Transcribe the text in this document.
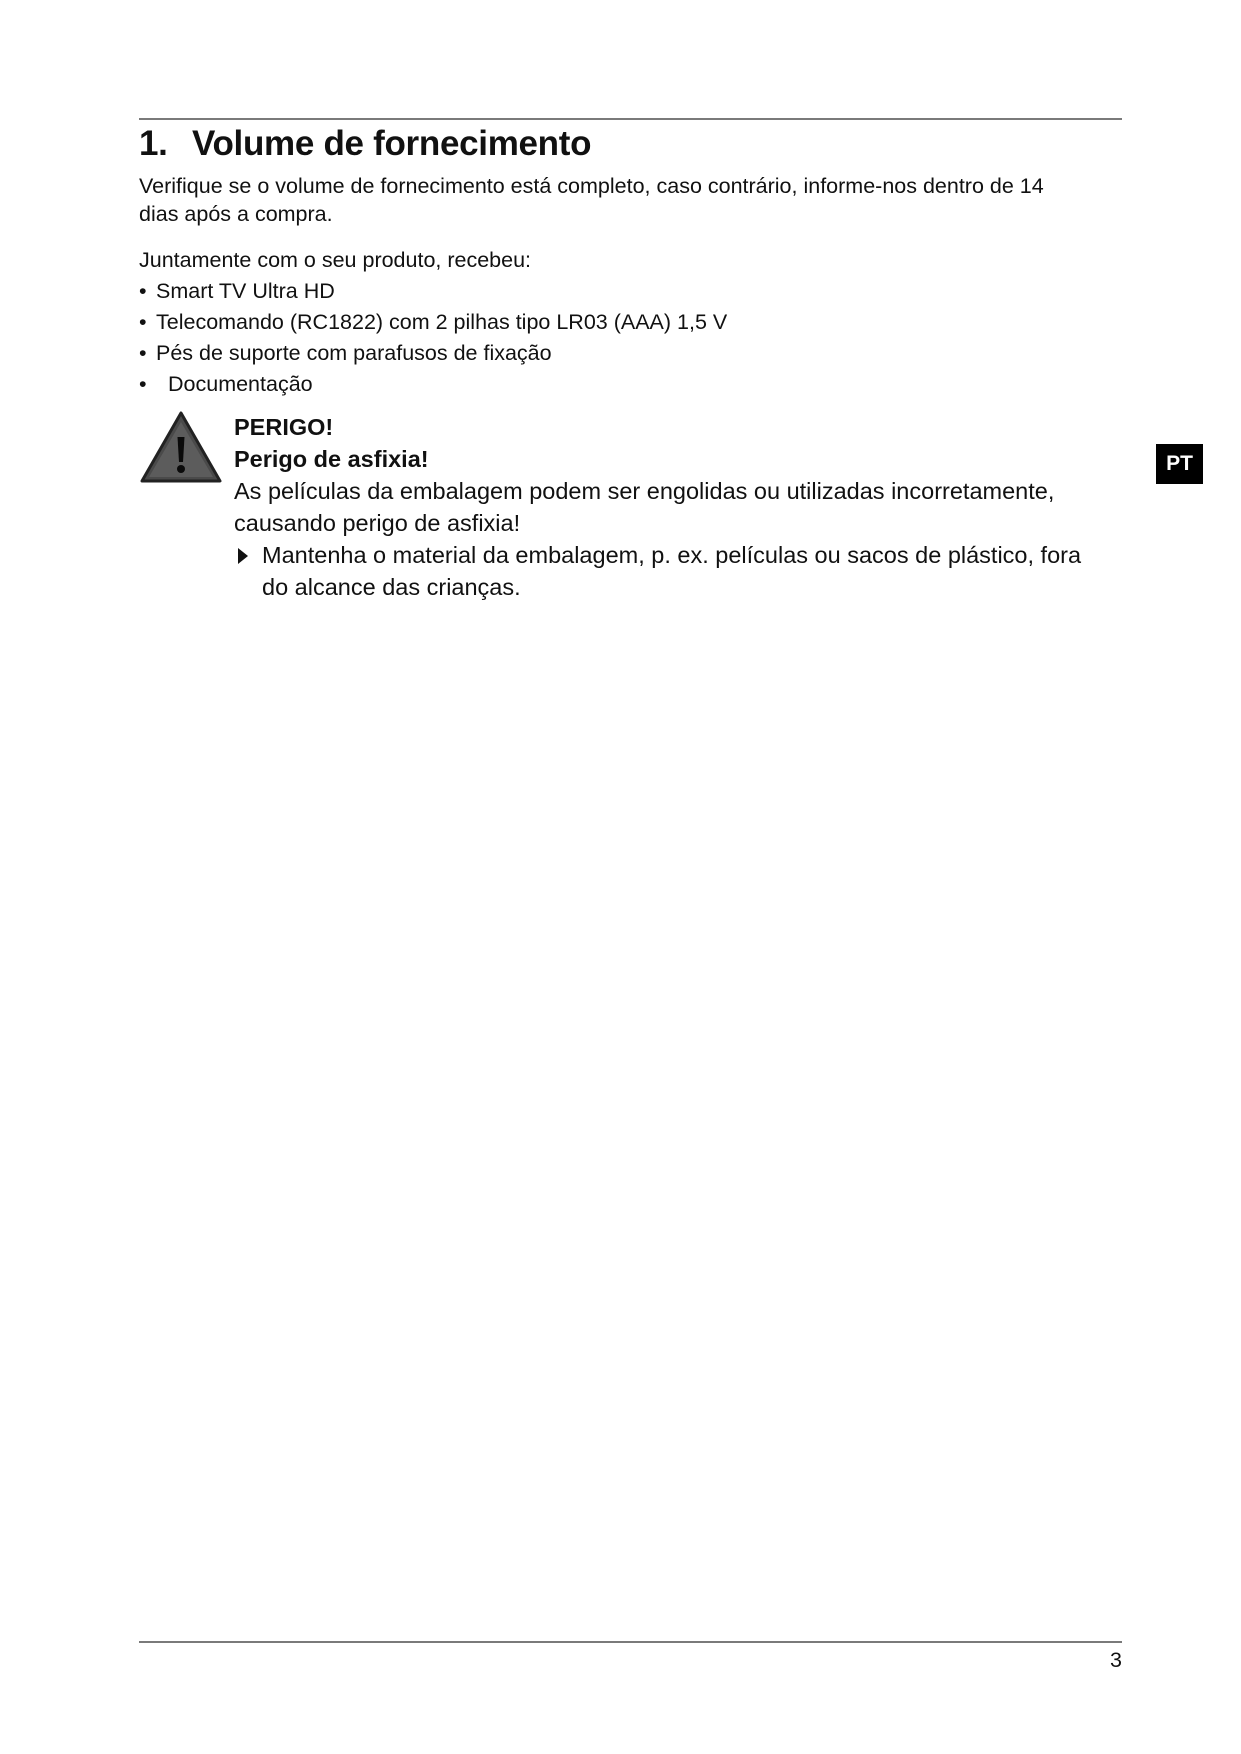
1. Volume de fornecimento
Verifique se o volume de fornecimento está completo, caso contrário, informe-nos dentro de 14
dias após a compra.
Juntamente com o seu produto, recebeu:
• Smart TV Ultra HD
• Telecomando (RC1822) com 2 pilhas tipo LR03 (AAA) 1,5 V
• Pés de suporte com parafusos de fixação
• Documentação
PERIGO!
Perigo de asfixia!
As películas da embalagem podem ser engolidas ou utilizadas incorretamente,
causando perigo de asfixia!
Mantenha o material da embalagem, p. ex. películas ou sacos de plástico, fora
do alcance das crianças.
PT
3
